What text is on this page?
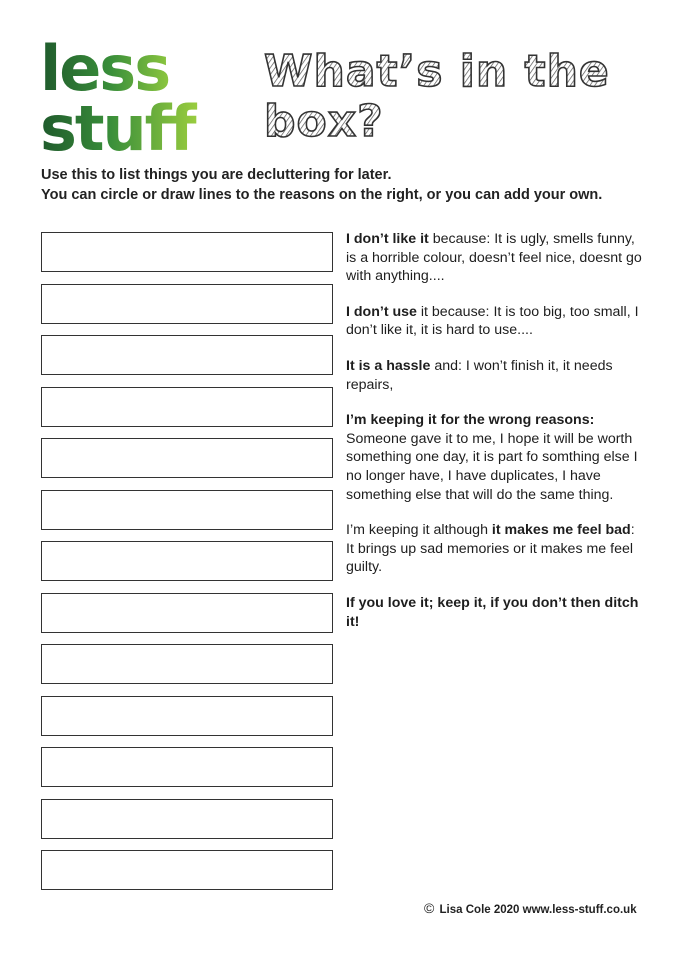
less
stuff
What’s in the
box?

Use this to list things you are decluttering for later.

You can circle or draw lines to the reasons on the right, or you can add your own.

I don’t like it because: It is ugly, smells funny, is a horrible colour, doesn’t feel nice, doesnt go with anything....

I don’t use it because: It is too big, too small, I don’t like it, it is hard to use....

It is a hassle and: I won’t finish it, it needs repairs,

I’m keeping it for the wrong reasons: Someone gave it to me, I hope it will be worth something one day, it is part fo somthing else I no longer have, I have duplicates, I have something else that will do the same thing.

I’m keeping it although it makes me feel bad: It brings up sad memories or it makes me feel guilty.

If you love it; keep it, if you don’t then ditch it!

© Lisa Cole 2020 www.less-stuff.co.uk
